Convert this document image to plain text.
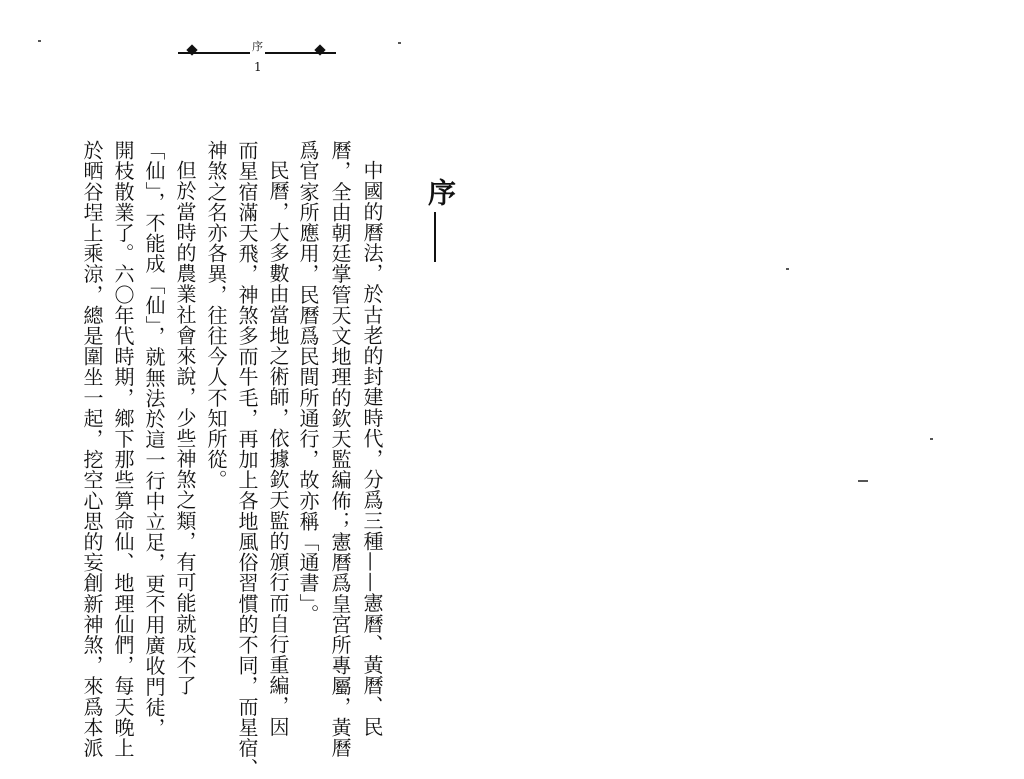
序
1
序
中國的曆法，於古老的封建時代，分爲三種——憲曆、黃曆、民
曆，全由朝廷掌管天文地理的欽天監編佈；憲曆爲皇宮所專屬，黃曆
爲官家所應用，民曆爲民間所通行，故亦稱「通書」。
民曆，大多數由當地之術師，依據欽天監的頒行而自行重編，因
而星宿滿天飛，神煞多而牛毛，再加上各地風俗習慣的不同，而星宿、
神煞之名亦各異，往往今人不知所從。
但於當時的農業社會來說，少些神煞之類，有可能就成不了
「仙」，不能成「仙」，就無法於這一行中立足，更不用廣收門徒，
開枝散業了。六〇年代時期，鄉下那些算命仙、地理仙們，每天晚上
於晒谷埕上乘涼，總是圍坐一起，挖空心思的妄創新神煞，來爲本派
